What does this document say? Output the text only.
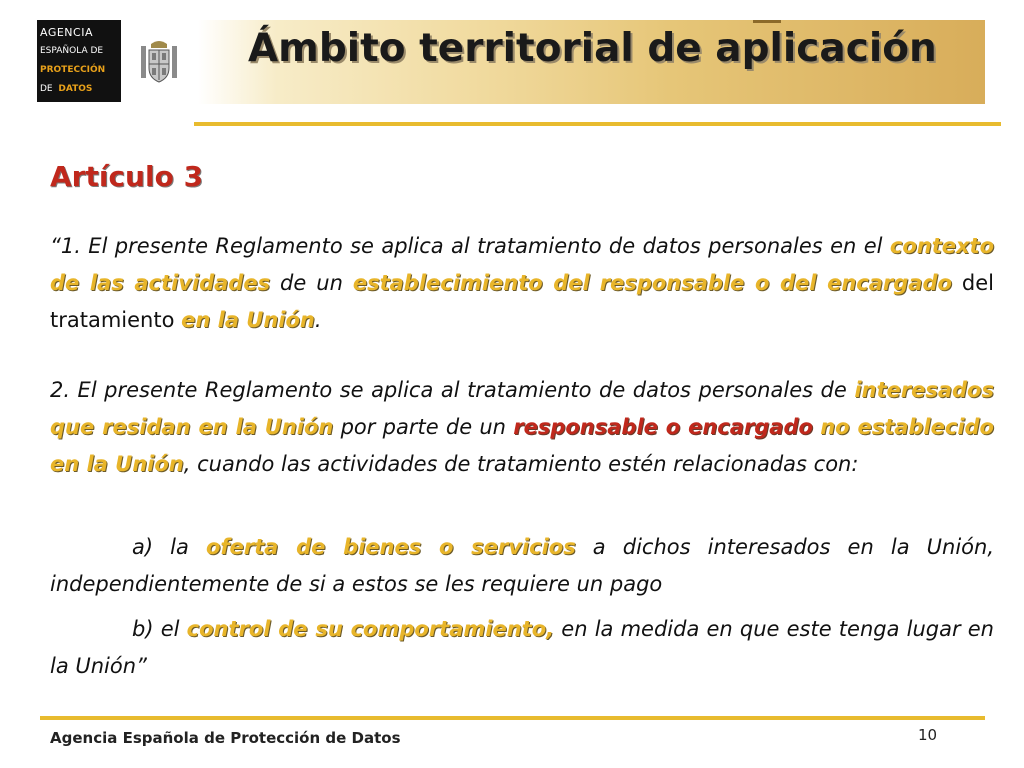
AGENCIA
ESPAÑOLA DE
PROTECCIÓN
DE DATOS
Ámbito territorial de aplicación
Artículo 3
“1. El presente Reglamento se aplica al tratamiento de datos personales en el contexto de las actividades de un establecimiento del responsable o del encargado del tratamiento en la Unión.
2. El presente Reglamento se aplica al tratamiento de datos personales de interesados que residan en la Unión por parte de un responsable o encargado no establecido en la Unión, cuando las actividades de tratamiento estén relacionadas con:
a) la oferta de bienes o servicios a dichos interesados en la Unión, independientemente de si a estos se les requiere un pago
b) el control de su comportamiento, en la medida en que este tenga lugar en la Unión”
Agencia Española de Protección de Datos	10
